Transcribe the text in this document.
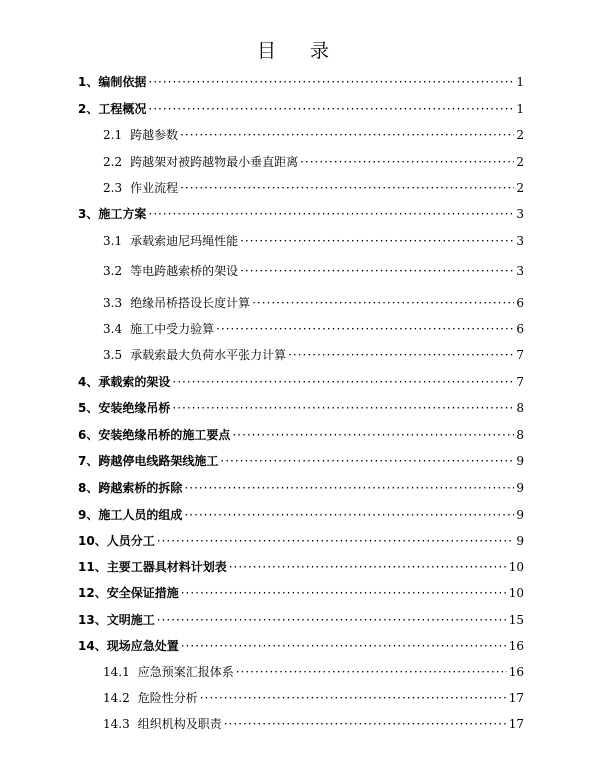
目 录
1、 编制依据 ·····	1
2、 工程概况 ·····	1
2.1 跨越参数 ·····	2
2.2 跨越架对被跨越物最小垂直距离 ·····	2
2.3 作业流程 ·····	2
3、 施工方案 ·····	3
3.1 承载索迪尼玛绳性能 ·····	3
3.2 等电跨越索桥的架设 ·····	3
3.3 绝缘吊桥搭设长度计算 ·····	6
3.4 施工中受力验算 ·····	6
3.5 承载索最大负荷水平张力计算 ·····	7
4、 承载索的架设 ·····	7
5、 安装绝缘吊桥 ·····	8
6、 安装绝缘吊桥的施工要点 ·····	8
7、 跨越停电线路架线施工 ·····	9
8、 跨越索桥的拆除 ·····	9
9、 施工人员的组成 ·····	9
10、 人员分工 ·····	9
11、 主要工器具材料计划表 ·····	10
12、 安全保证措施 ·····	10
13、 文明施工 ·····	15
14、 现场应急处置 ·····	16
14.1 应急预案汇报体系 ·····	16
14.2 危险性分析 ·····	17
14.3 组织机构及职责 ·····	17
